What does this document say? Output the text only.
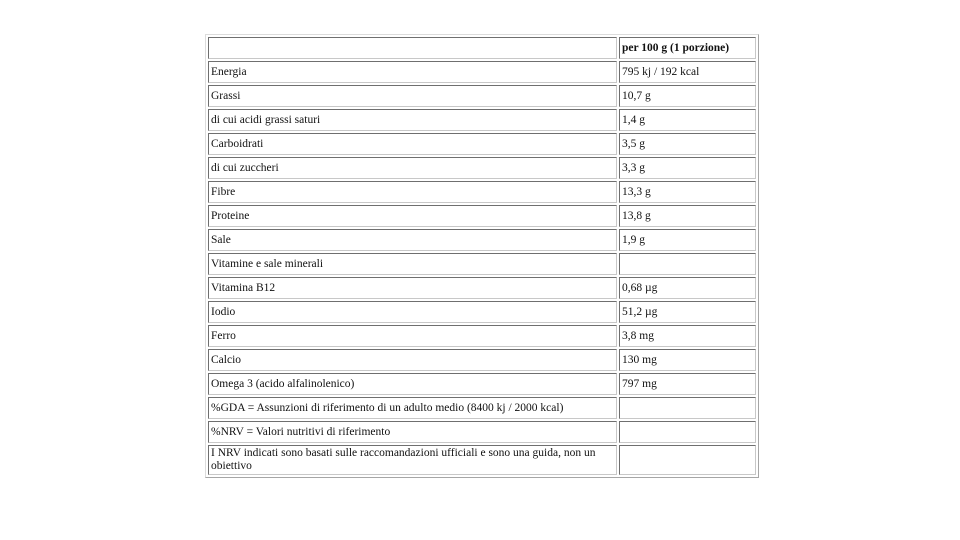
	per 100 g (1 porzione)
Energia	795 kj / 192 kcal
Grassi	10,7 g
di cui acidi grassi saturi	1,4 g
Carboidrati	3,5 g
di cui zuccheri	3,3 g
Fibre	13,3 g
Proteine	13,8 g
Sale	1,9 g
Vitamine e sale minerali	
Vitamina B12	0,68 µg
Iodio	51,2 µg
Ferro	3,8 mg
Calcio	130 mg
Omega 3 (acido alfalinolenico)	797 mg
%GDA = Assunzioni di riferimento di un adulto medio (8400 kj / 2000 kcal)	
%NRV = Valori nutritivi di riferimento	
I NRV indicati sono basati sulle raccomandazioni ufficiali e sono una guida, non un obiettivo	
